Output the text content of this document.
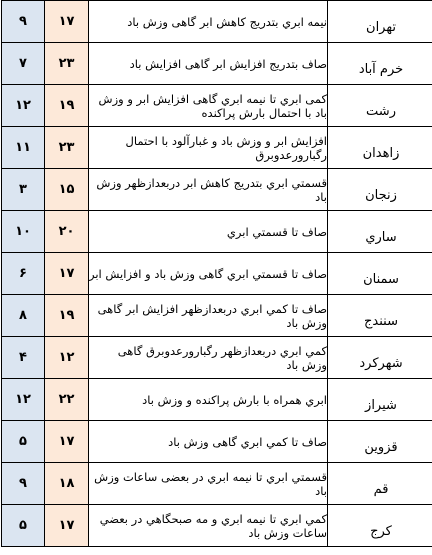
۹	۱۷	نیمه ابري بتدریج کاهش ابر گاهی وزش باد	تهران
۷	۲۳	صاف بتدریج افزایش ابر گاهی افزایش باد	خرم آباد
۱۲	۱۹	کمی ابري تا نیمه ابري گاهی افزایش ابر و وزش باد با احتمال بارش پراکنده	رشت
۱۱	۲۳	افزایش ابر و وزش باد و غبارآلود با احتمال رگبارورعدوبرق	زاهدان
۳	۱۵	قسمتي ابري بتدریج کاهش ابر دربعدازظهر وزش باد	زنجان
۱۰	۲۰	صاف تا قسمتي ابري	ساري
۶	۱۷	صاف تا قسمتي ابري گاهی وزش باد و افزایش ابر	سمنان
۸	۱۹	صاف تا کمي ابري دربعدازظهر افزایش ابر گاهی وزش باد	سنندج
۴	۱۲	کمي ابري دربعدازظهر رگبارورعدوبرق گاهی وزش باد	شهرکرد
۱۲	۲۲	ابري همراه با بارش پراکنده و وزش باد	شیراز
۵	۱۷	صاف تا کمي ابري گاهی وزش باد	قزوین
۹	۱۸	قسمتي ابري تا نیمه ابري در بعضی ساعات وزش باد	قم
۵	۱۷	کمي ابري تا نیمه ابري و مه صبحگاهي در بعضي ساعات وزش باد	کرج
